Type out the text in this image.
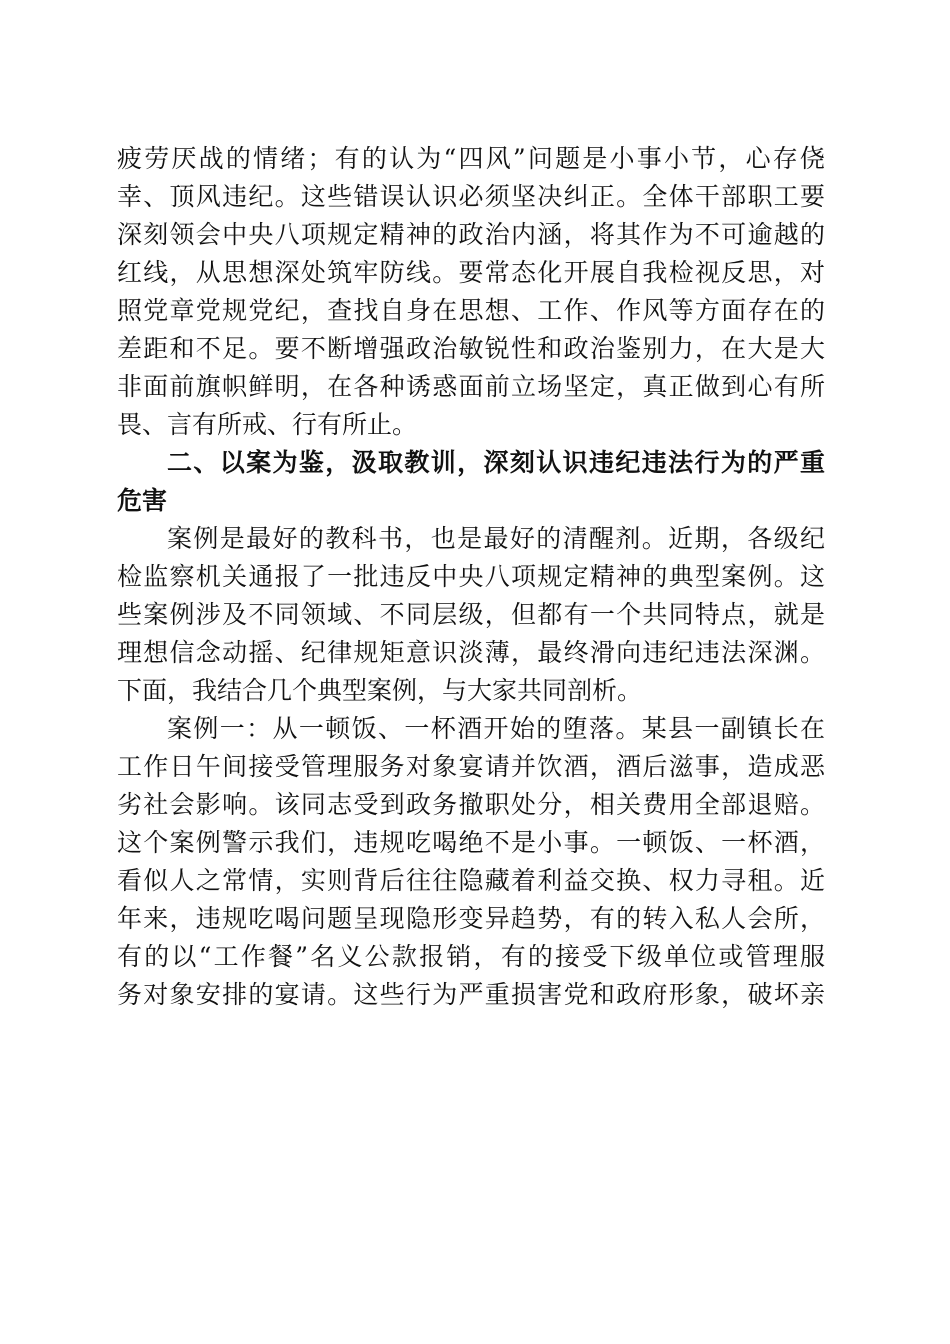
疲劳厌战的情绪；有的认为“四风”问题是小事小节，心存侥
幸、顶风违纪。这些错误认识必须坚决纠正。全体干部职工要
深刻领会中央八项规定精神的政治内涵，将其作为不可逾越的
红线，从思想深处筑牢防线。要常态化开展自我检视反思，对
照党章党规党纪，查找自身在思想、工作、作风等方面存在的
差距和不足。要不断增强政治敏锐性和政治鉴别力，在大是大
非面前旗帜鲜明，在各种诱惑面前立场坚定，真正做到心有所
畏、言有所戒、行有所止。
二、以案为鉴，汲取教训，深刻认识违纪违法行为的严重
危害
案例是最好的教科书，也是最好的清醒剂。近期，各级纪
检监察机关通报了一批违反中央八项规定精神的典型案例。这
些案例涉及不同领域、不同层级，但都有一个共同特点，就是
理想信念动摇、纪律规矩意识淡薄，最终滑向违纪违法深渊。
下面，我结合几个典型案例，与大家共同剖析。
案例一：从一顿饭、一杯酒开始的堕落。某县一副镇长在
工作日午间接受管理服务对象宴请并饮酒，酒后滋事，造成恶
劣社会影响。该同志受到政务撤职处分，相关费用全部退赔。
这个案例警示我们，违规吃喝绝不是小事。一顿饭、一杯酒，
看似人之常情，实则背后往往隐藏着利益交换、权力寻租。近
年来，违规吃喝问题呈现隐形变异趋势，有的转入私人会所，
有的以“工作餐”名义公款报销，有的接受下级单位或管理服
务对象安排的宴请。这些行为严重损害党和政府形象，破坏亲
